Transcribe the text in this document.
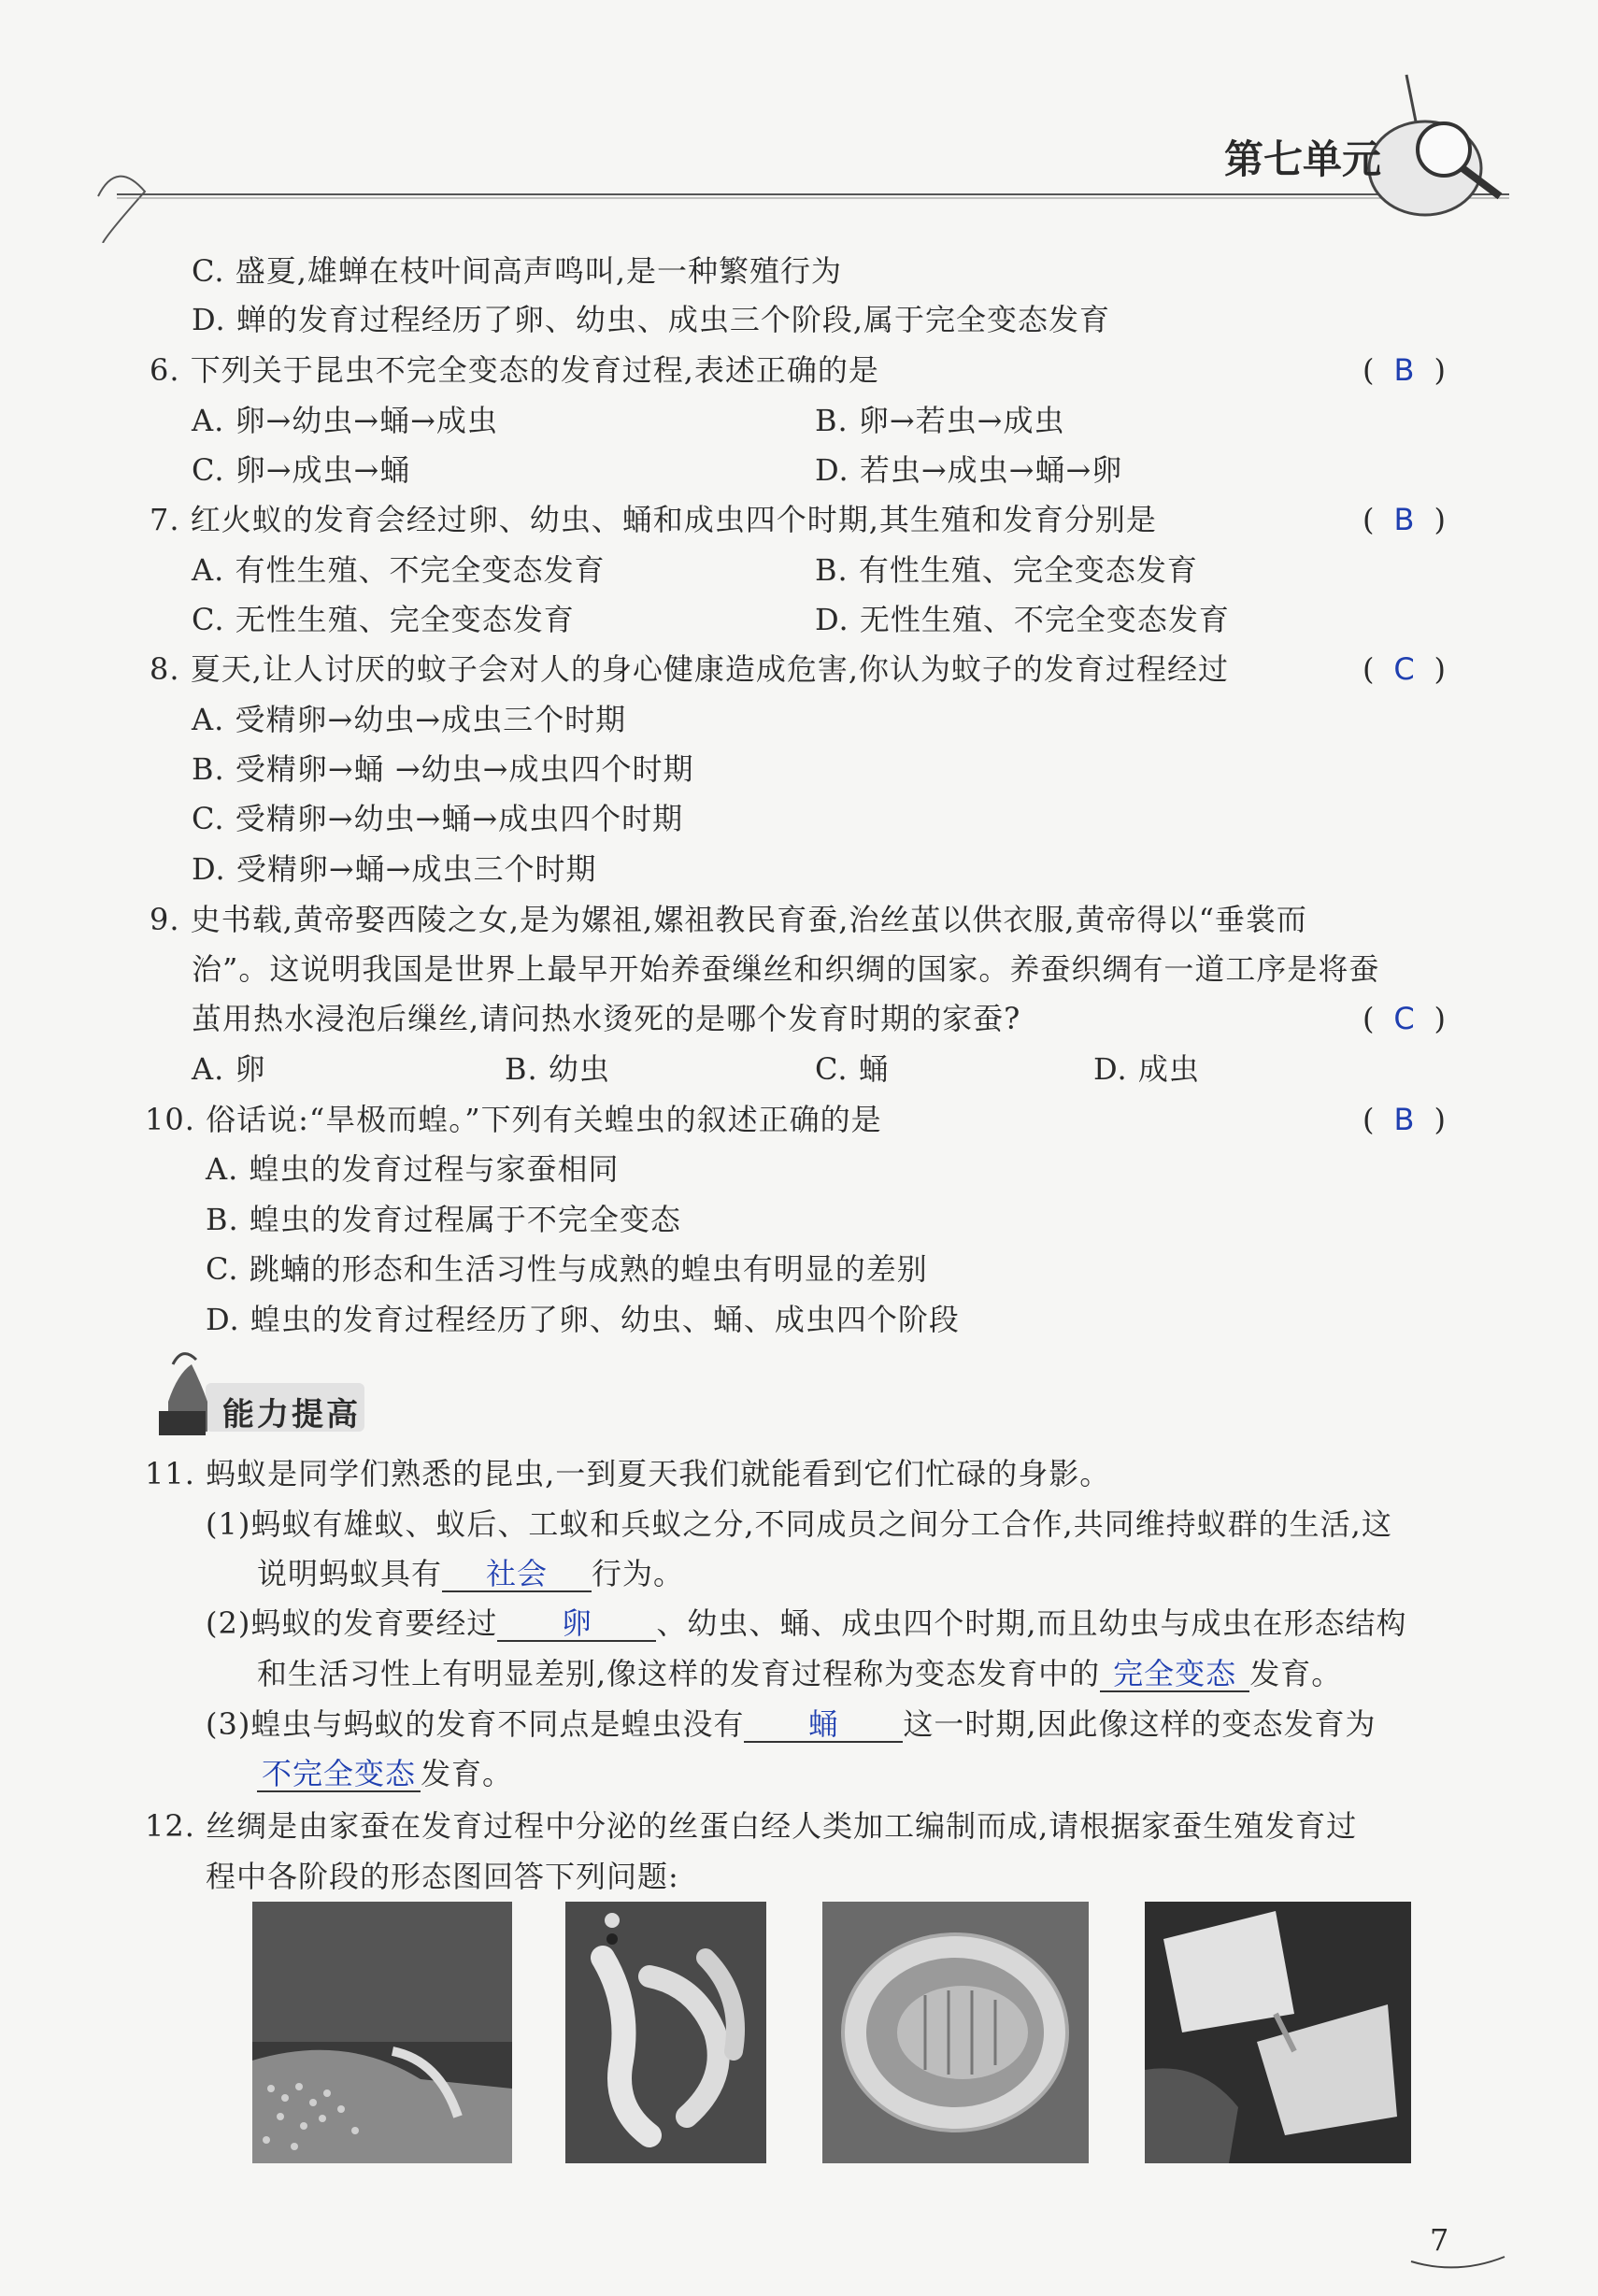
第七单元
C. 盛夏,雄蝉在枝叶间高声鸣叫,是一种繁殖行为
D. 蝉的发育过程经历了卵、幼虫、成虫三个阶段,属于完全变态发育
6. 下列关于昆虫不完全变态的发育过程,表述正确的是	( B )
A. 卵→幼虫→蛹→成虫	B. 卵→若虫→成虫
C. 卵→成虫→蛹	D. 若虫→成虫→蛹→卵
7. 红火蚁的发育会经过卵、幼虫、蛹和成虫四个时期,其生殖和发育分别是	( B )
A. 有性生殖、不完全变态发育	B. 有性生殖、完全变态发育
C. 无性生殖、完全变态发育	D. 无性生殖、不完全变态发育
8. 夏天,让人讨厌的蚊子会对人的身心健康造成危害,你认为蚊子的发育过程经过	( C )
A. 受精卵→幼虫→成虫三个时期
B. 受精卵→蛹 →幼虫→成虫四个时期
C. 受精卵→幼虫→蛹→成虫四个时期
D. 受精卵→蛹→成虫三个时期
9. 史书载,黄帝娶西陵之女,是为嫘祖,嫘祖教民育蚕,治丝茧以供衣服,黄帝得以“垂裳而
治”。这说明我国是世界上最早开始养蚕缫丝和织绸的国家。养蚕织绸有一道工序是将蚕
茧用热水浸泡后缫丝,请问热水烫死的是哪个发育时期的家蚕?	( C )
A. 卵	B. 幼虫	C. 蛹	D. 成虫
10. 俗话说:“旱极而蝗。”下列有关蝗虫的叙述正确的是	( B )
A. 蝗虫的发育过程与家蚕相同
B. 蝗虫的发育过程属于不完全变态
C. 跳蝻的形态和生活习性与成熟的蝗虫有明显的差别
D. 蝗虫的发育过程经历了卵、幼虫、蛹、成虫四个阶段
能力提高
11. 蚂蚁是同学们熟悉的昆虫,一到夏天我们就能看到它们忙碌的身影。
(1)蚂蚁有雄蚁、蚁后、工蚁和兵蚁之分,不同成员之间分工合作,共同维持蚁群的生活,这
说明蚂蚁具有 社会 行为。
(2)蚂蚁的发育要经过 卵 、幼虫、蛹、成虫四个时期,而且幼虫与成虫在形态结构
和生活习性上有明显差别,像这样的发育过程称为变态发育中的 完全变态 发育。
(3)蝗虫与蚂蚁的发育不同点是蝗虫没有 蛹 这一时期,因此像这样的变态发育为
不完全变态 发育。
12. 丝绸是由家蚕在发育过程中分泌的丝蛋白经人类加工编制而成,请根据家蚕生殖发育过
程中各阶段的形态图回答下列问题:
7
